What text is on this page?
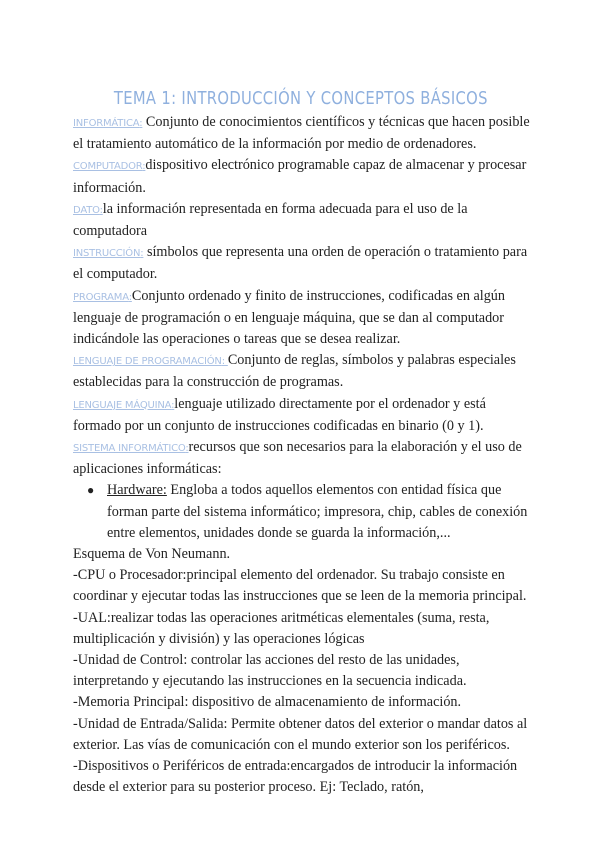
TEMA 1: INTRODUCCIÓN Y CONCEPTOS BÁSICOS

INFORMÁTICA: Conjunto de conocimientos científicos y técnicas que hacen posible el tratamiento automático de la información por medio de ordenadores.

COMPUTADOR:dispositivo electrónico programable capaz de almacenar y procesar información.

DATO:la información representada en forma adecuada para el uso de la computadora

INSTRUCCIÓN: símbolos que representa una orden de operación o tratamiento para el computador.

PROGRAMA:Conjunto ordenado y finito de instrucciones, codificadas en algún lenguaje de programación o en lenguaje máquina, que se dan al computador indicándole las operaciones o tareas que se desea realizar.

LENGUAJE DE PROGRAMACIÓN: Conjunto de reglas, símbolos y palabras especiales establecidas para la construcción de programas.

LENGUAJE MÁQUINA:lenguaje utilizado directamente por el ordenador y está formado por un conjunto de instrucciones codificadas en binario (0 y 1).

SISTEMA INFORMÁTICO:recursos que son necesarios para la elaboración y el uso de aplicaciones informáticas:

● Hardware: Engloba a todos aquellos elementos con entidad física que forman parte del sistema informático; impresora, chip, cables de conexión entre elementos, unidades donde se guarda la información,...

Esquema de Von Neumann.

-CPU o Procesador:principal elemento del ordenador. Su trabajo consiste en coordinar y ejecutar todas las instrucciones que se leen de la memoria principal.

-UAL:realizar todas las operaciones aritméticas elementales (suma, resta, multiplicación y división) y las operaciones lógicas

-Unidad de Control: controlar las acciones del resto de las unidades, interpretando y ejecutando las instrucciones en la secuencia indicada.

-Memoria Principal: dispositivo de almacenamiento de información.

-Unidad de Entrada/Salida: Permite obtener datos del exterior o mandar datos al exterior. Las vías de comunicación con el mundo exterior son los periféricos.

-Dispositivos o Periféricos de entrada:encargados de introducir la información desde el exterior para su posterior proceso. Ej: Teclado, ratón,
